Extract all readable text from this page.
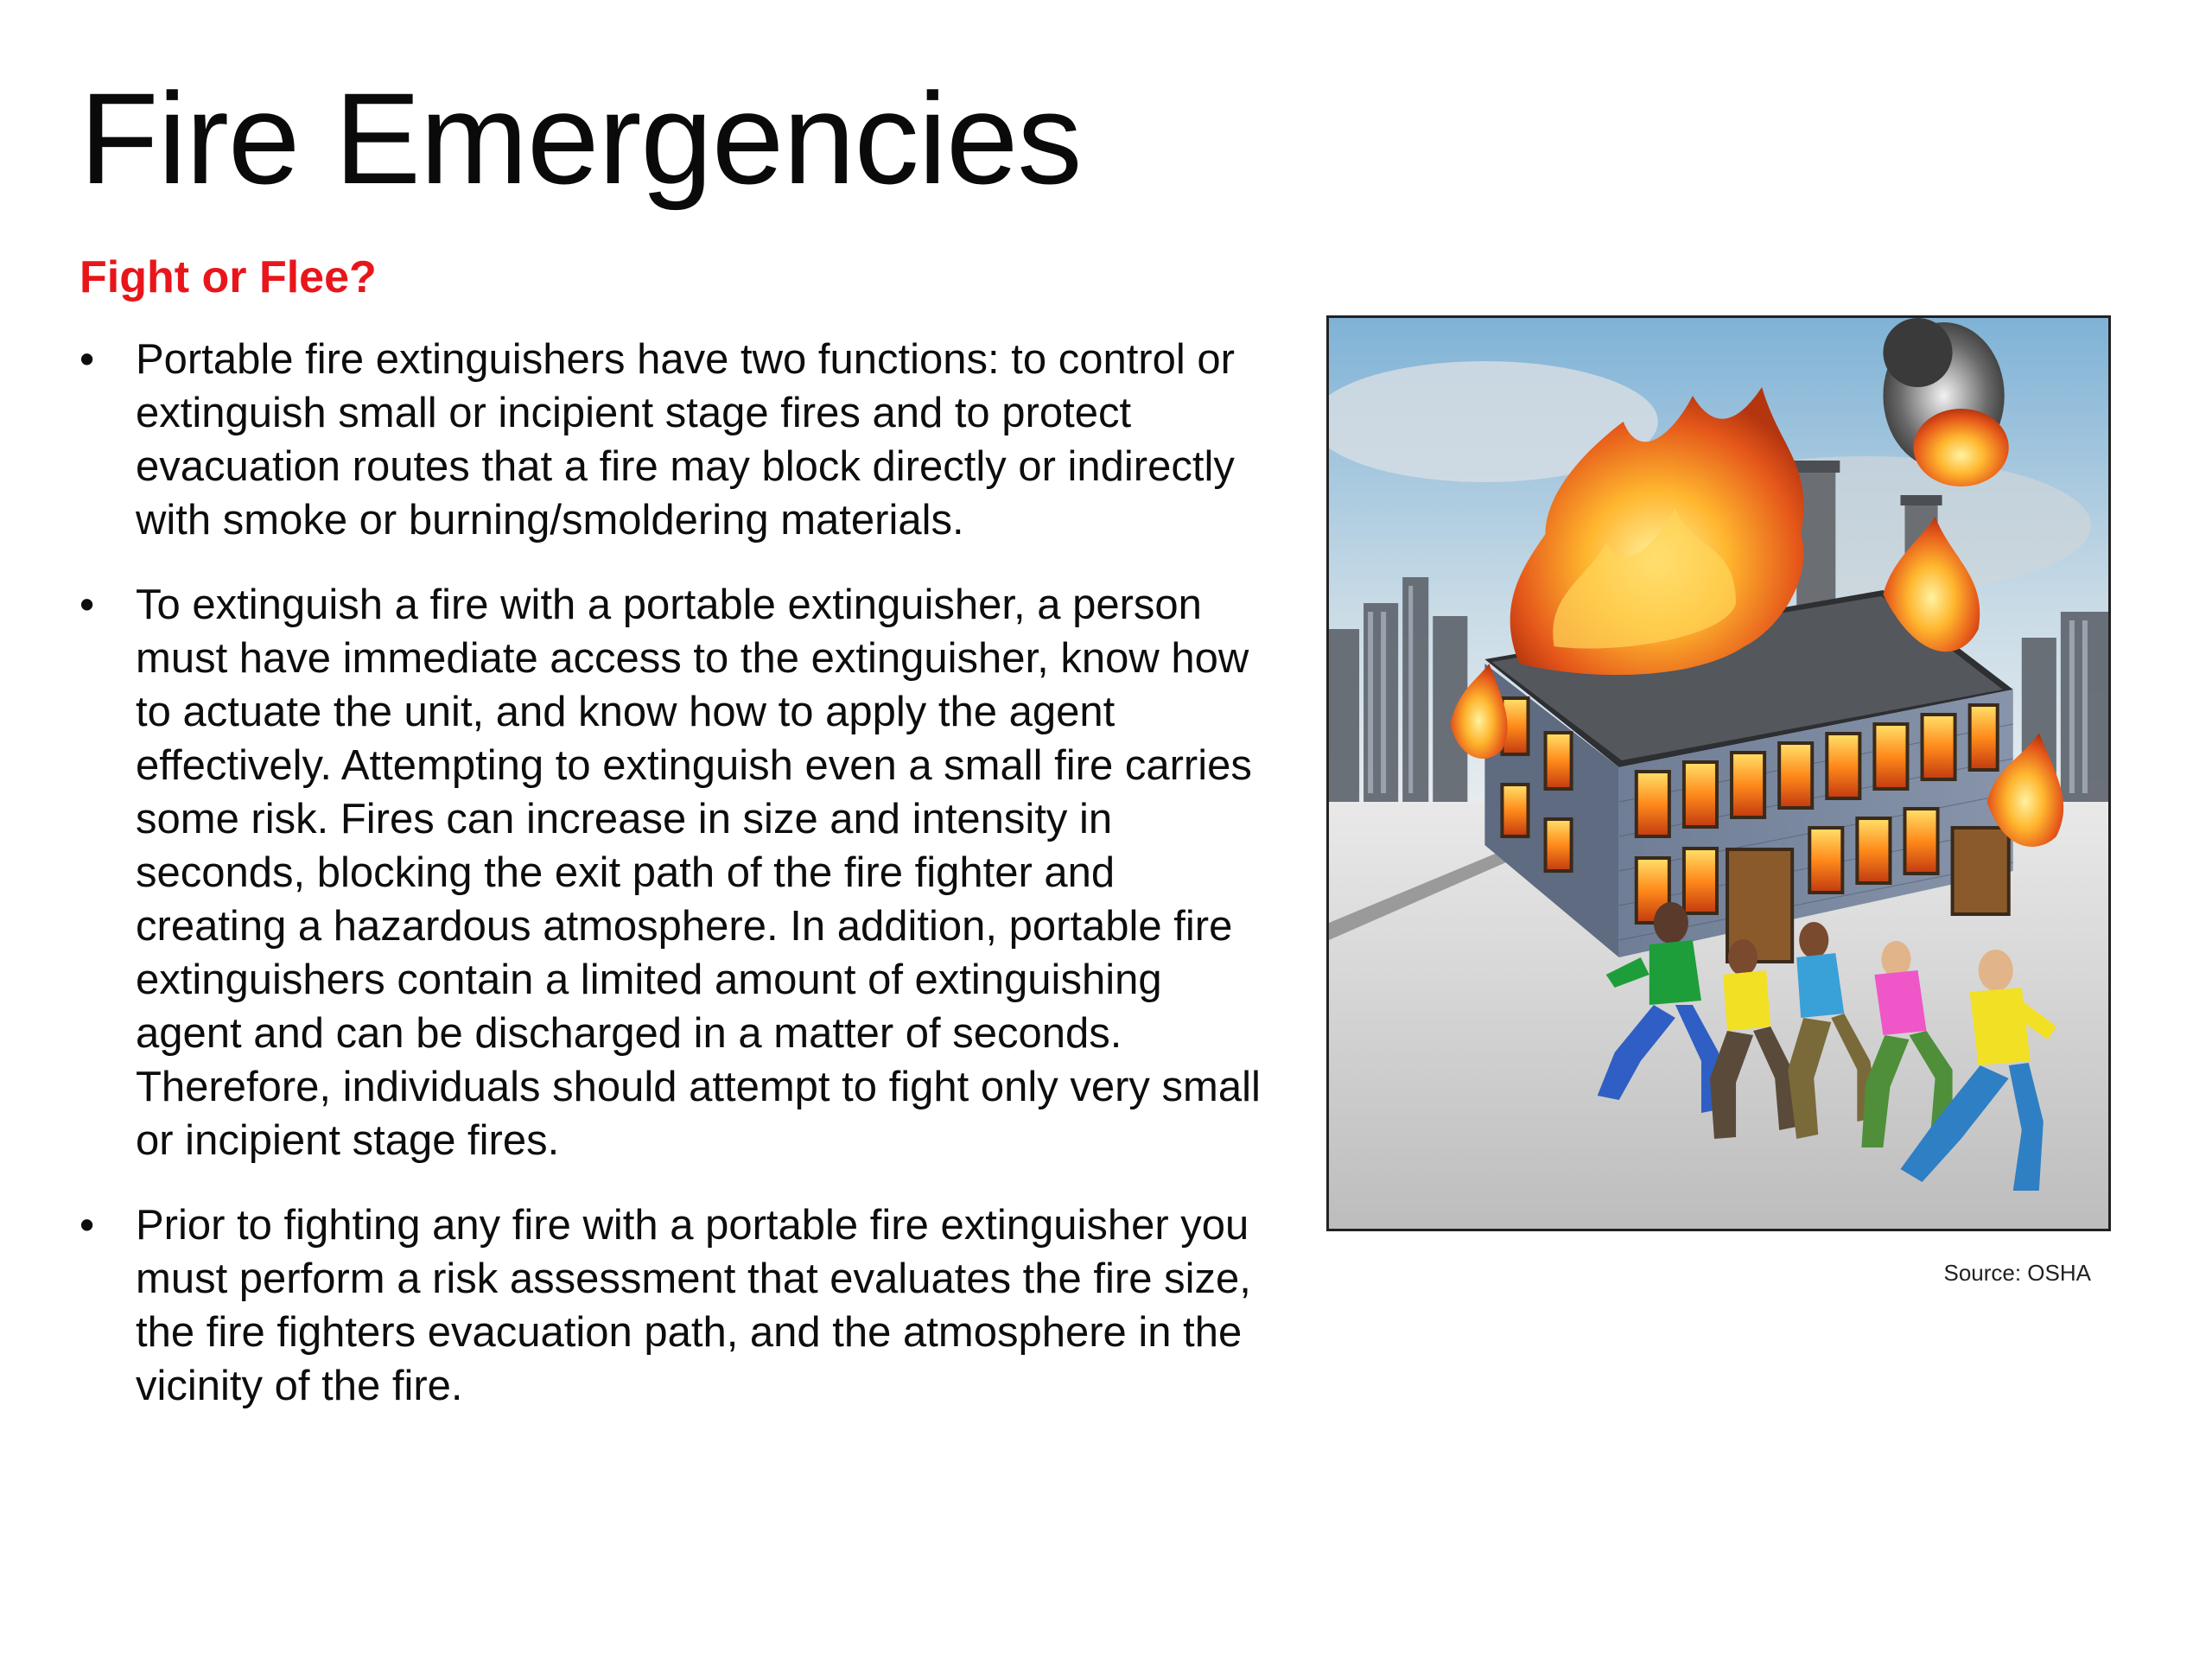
Fire Emergencies
Fight or Flee?
• Portable fire extinguishers have two functions: to control or extinguish small or incipient stage fires and to protect evacuation routes that a fire may block directly or indirectly with smoke or burning/smoldering materials.
• To extinguish a fire with a portable extinguisher, a person must have immediate access to the extinguisher, know how to actuate the unit, and know how to apply the agent effectively. Attempting to extinguish even a small fire carries some risk. Fires can increase in size and intensity in seconds, blocking the exit path of the fire fighter and creating a hazardous atmosphere. In addition, portable fire extinguishers contain a limited amount of extinguishing agent and can be discharged in a matter of seconds. Therefore, individuals should attempt to fight only very small or incipient stage fires.
• Prior to fighting any fire with a portable fire extinguisher you must perform a risk assessment that evaluates the fire size, the fire fighters evacuation path, and the atmosphere in the vicinity of the fire.
Source: OSHA
